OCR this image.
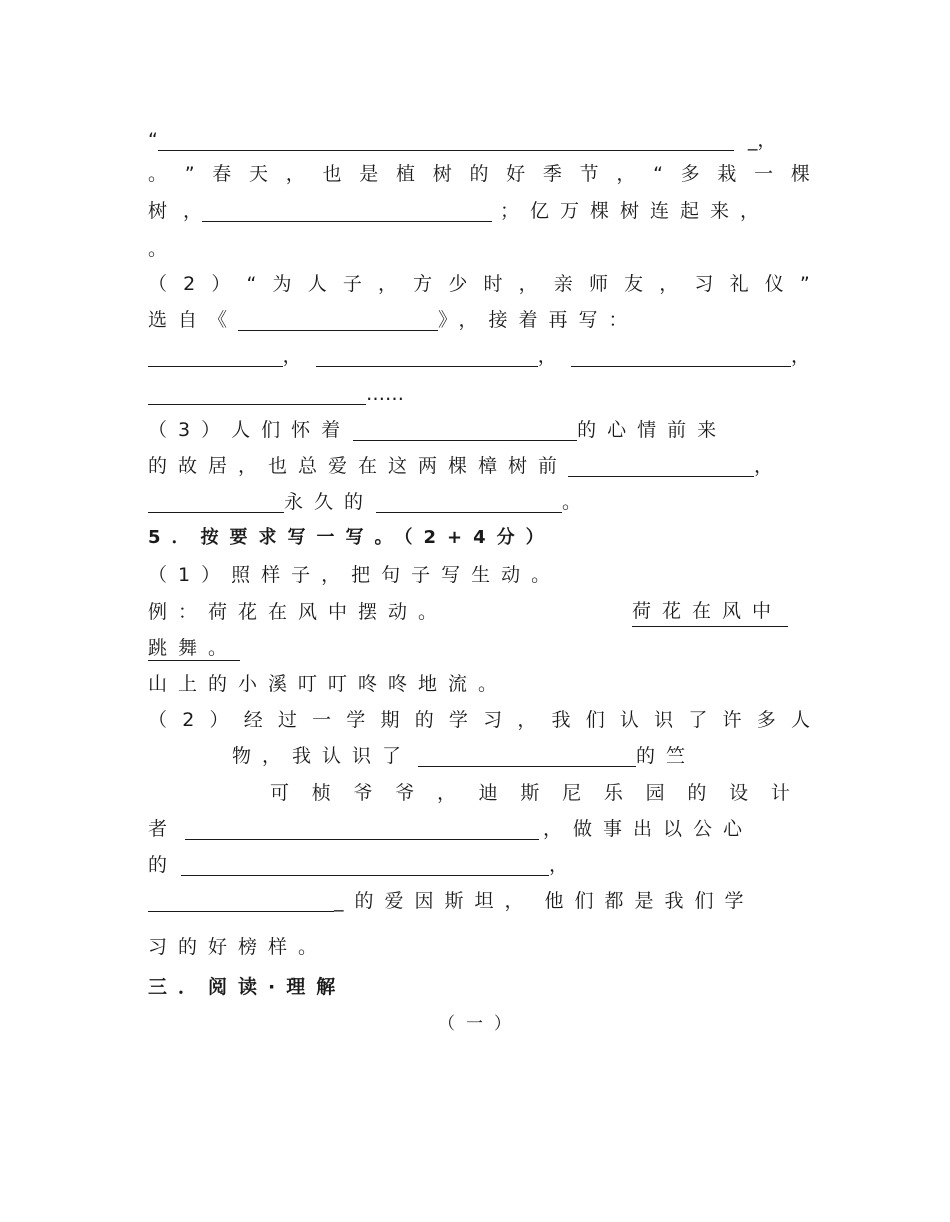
“	_，
。 ” 春 天 ， 也 是 植 树 的 好 季 节 ， “ 多 栽 一 棵
树 ，	；亿万棵树连起来，
。
（ 2 ） “ 为 人 子 ， 方 少 时 ， 亲 师 友 ， 习 礼 仪 ”
选自《	》，接着再写：
，	，	，
……
（3）人们怀着	的心情前来
的故居，也总爱在这两棵樟树前	，
永久的	。
5．按要求写一写。（2+4分）
（1）照样子，把句子写生动。
例：荷花在风中摆动。	荷花在风中
跳舞。
山上的小溪叮叮咚咚地流。
（ 2 ） 经 过 一 学 期 的 学 习 ， 我 们 认 识 了 许 多 人
物，我认识了	的竺
可 桢 爷 爷 ， 迪 斯 尼 乐 园 的 设 计
者	，做事出以公心
的	，
_的爱因斯坦， 他们都是我们学
习的好榜样。
三．阅读·理解
（一）
